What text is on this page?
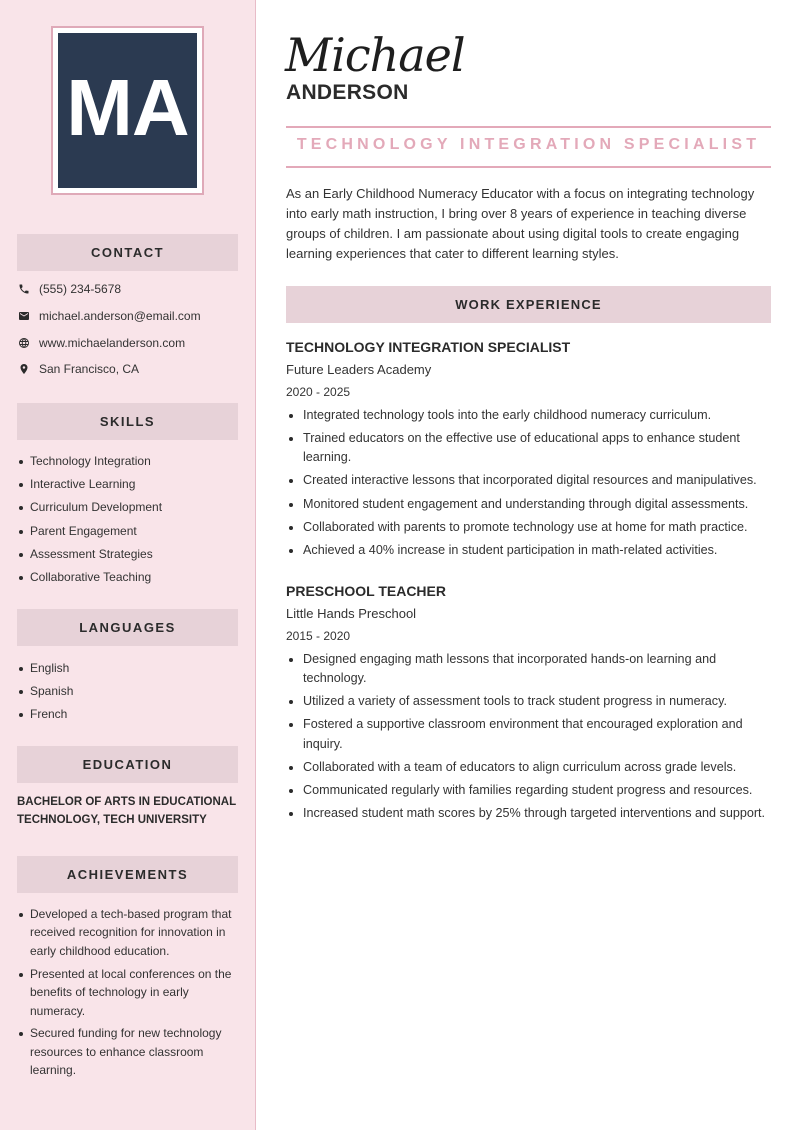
MA
CONTACT
(555) 234-5678
michael.anderson@email.com
www.michaelanderson.com
San Francisco, CA
SKILLS
Technology Integration
Interactive Learning
Curriculum Development
Parent Engagement
Assessment Strategies
Collaborative Teaching
LANGUAGES
English
Spanish
French
EDUCATION
BACHELOR OF ARTS IN EDUCATIONAL TECHNOLOGY, TECH UNIVERSITY
ACHIEVEMENTS
Developed a tech-based program that received recognition for innovation in early childhood education.
Presented at local conferences on the benefits of technology in early numeracy.
Secured funding for new technology resources to enhance classroom learning.
Michael
ANDERSON
TECHNOLOGY INTEGRATION SPECIALIST

As an Early Childhood Numeracy Educator with a focus on integrating technology into early math instruction, I bring over 8 years of experience in teaching diverse groups of children. I am passionate about using digital tools to create engaging learning experiences that cater to different learning styles.

WORK EXPERIENCE
TECHNOLOGY INTEGRATION SPECIALIST
Future Leaders Academy
2020 - 2025
Integrated technology tools into the early childhood numeracy curriculum.
Trained educators on the effective use of educational apps to enhance student learning.
Created interactive lessons that incorporated digital resources and manipulatives.
Monitored student engagement and understanding through digital assessments.
Collaborated with parents to promote technology use at home for math practice.
Achieved a 40% increase in student participation in math-related activities.
PRESCHOOL TEACHER
Little Hands Preschool
2015 - 2020
Designed engaging math lessons that incorporated hands-on learning and technology.
Utilized a variety of assessment tools to track student progress in numeracy.
Fostered a supportive classroom environment that encouraged exploration and inquiry.
Collaborated with a team of educators to align curriculum across grade levels.
Communicated regularly with families regarding student progress and resources.
Increased student math scores by 25% through targeted interventions and support.
